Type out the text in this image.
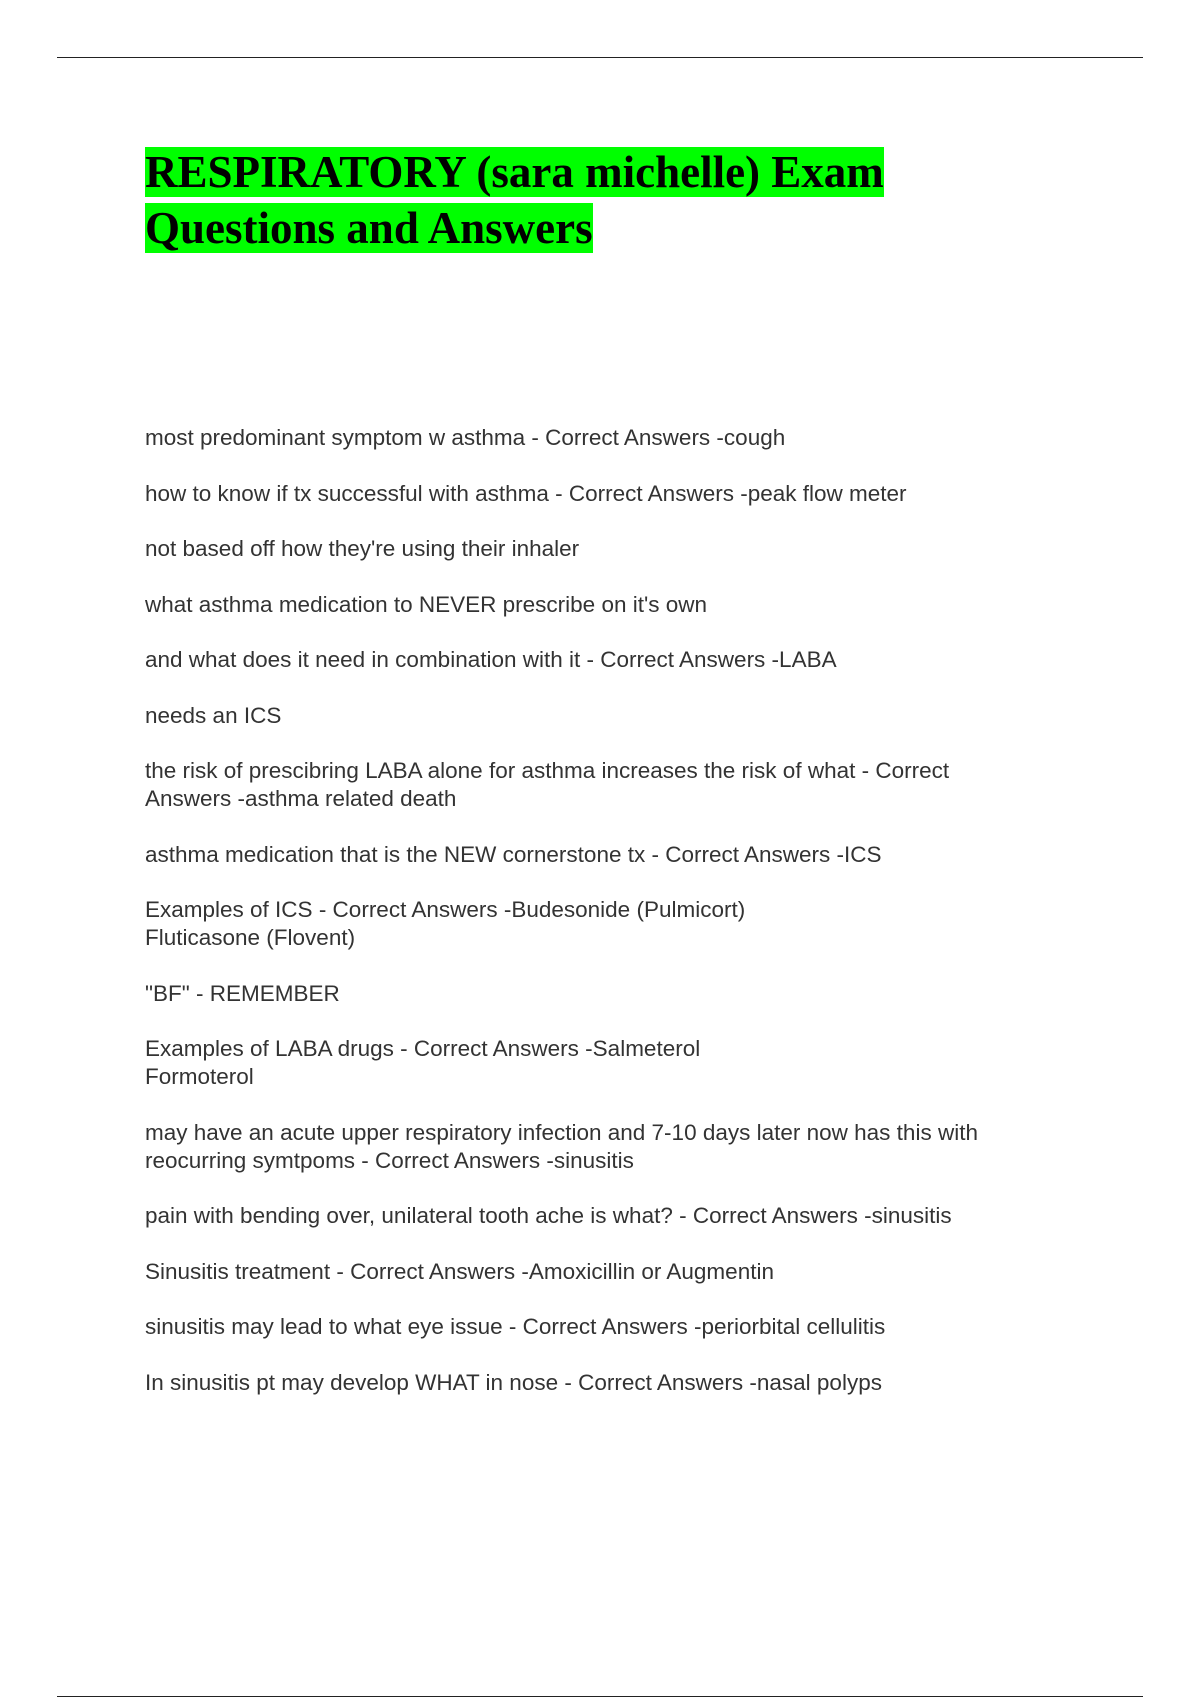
RESPIRATORY (sara michelle) Exam
Questions and Answers
most predominant symptom w asthma - Correct Answers -cough
how to know if tx successful with asthma - Correct Answers -peak flow meter
not based off how they're using their inhaler
what asthma medication to NEVER prescribe on it's own
and what does it need in combination with it - Correct Answers -LABA
needs an ICS
the risk of prescibring LABA alone for asthma increases the risk of what - Correct
Answers -asthma related death
asthma medication that is the NEW cornerstone tx - Correct Answers -ICS
Examples of ICS - Correct Answers -Budesonide (Pulmicort)
Fluticasone (Flovent)
"BF" - REMEMBER
Examples of LABA drugs - Correct Answers -Salmeterol
Formoterol
may have an acute upper respiratory infection and 7-10 days later now has this with
reocurring symtpoms - Correct Answers -sinusitis
pain with bending over, unilateral tooth ache is what? - Correct Answers -sinusitis
Sinusitis treatment - Correct Answers -Amoxicillin or Augmentin
sinusitis may lead to what eye issue - Correct Answers -periorbital cellulitis
In sinusitis pt may develop WHAT in nose - Correct Answers -nasal polyps
